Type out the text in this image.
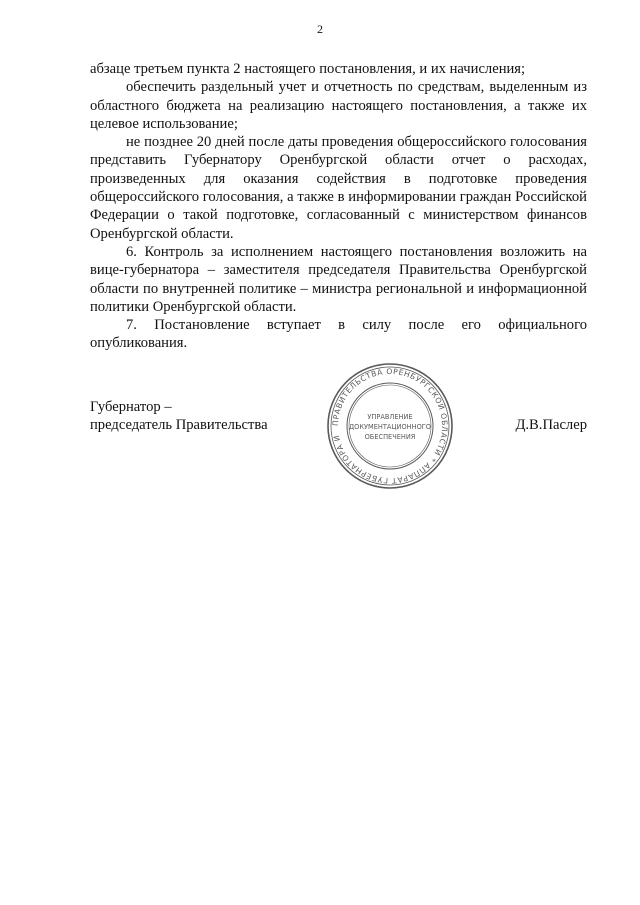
2

абзаце третьем пункта 2 настоящего постановления, и их начисления;

обеспечить раздельный учет и отчетность по средствам, выделенным из областного бюджета на реализацию настоящего постановления, а также их целевое использование;

не позднее 20 дней после даты проведения общероссийского голосования представить Губернатору Оренбургской области отчет о расходах, произведенных для оказания содействия в подготовке проведения общероссийского голосования, а также в информировании граждан Российской Федерации о такой подготовке, согласованный с министерством финансов Оренбургской области.

6. Контроль за исполнением настоящего постановления возложить на вице-губернатора – заместителя председателя Правительства Оренбургской области по внутренней политике – министра региональной и информационной политики Оренбургской области.

7. Постановление вступает в силу после его официального опубликования.

Губернатор –
председатель Правительства	Д.В.Паслер
ПРАВИТЕЛЬСТВА ОРЕНБУРГСКОЙ ОБЛАСТИ * АППАРАТ ГУБЕРНАТОРА И
УПРАВЛЕНИЕ
ДОКУМЕНТАЦИОННОГО
ОБЕСПЕЧЕНИЯ
